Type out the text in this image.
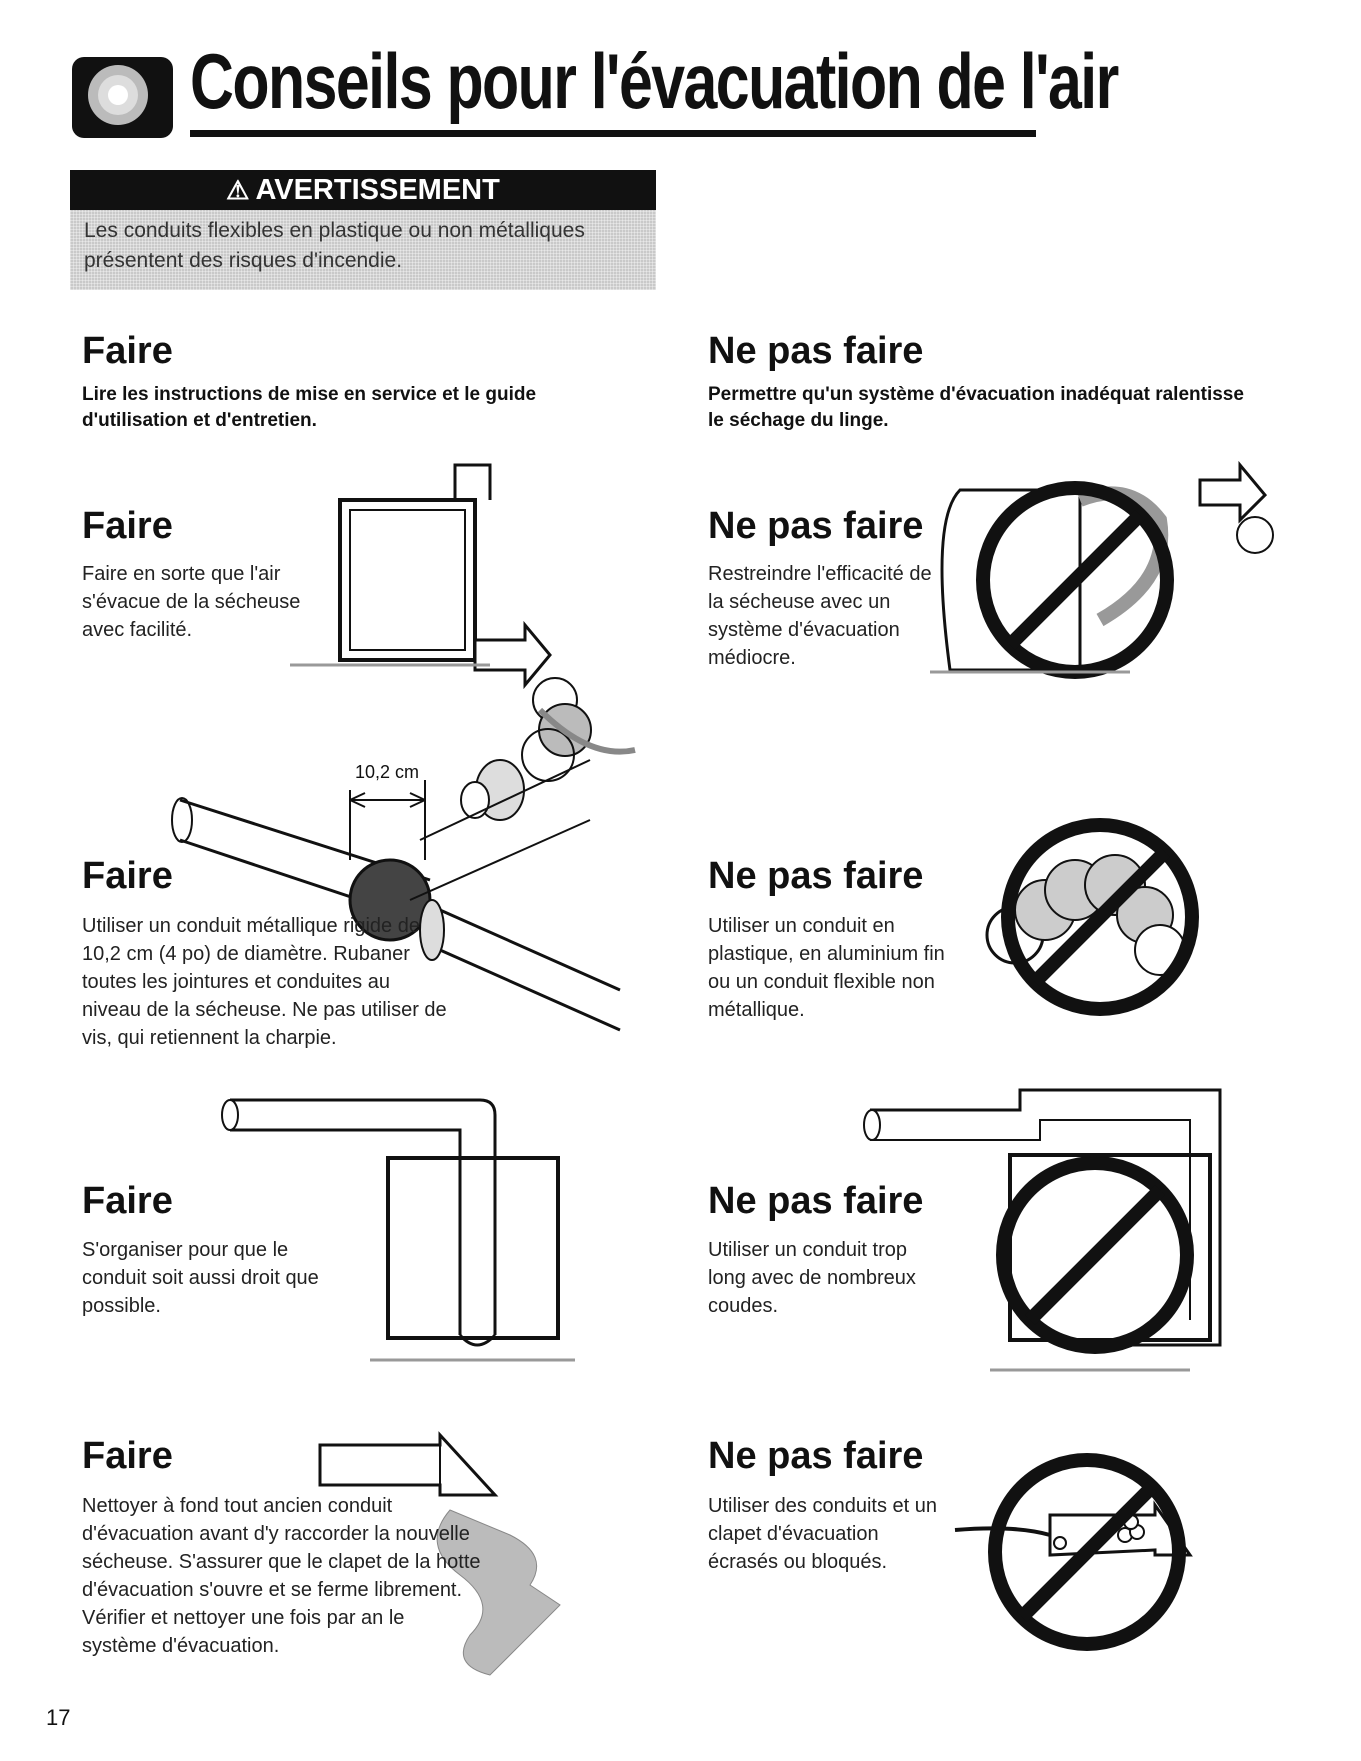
Conseils pour l'évacuation de l'air
⚠ AVERTISSEMENT
Les conduits flexibles en plastique ou non métalliques présentent des risques d'incendie.
Faire
Lire les instructions de mise en service et le guide d'utilisation et d'entretien.
Ne pas faire
Permettre qu'un système d'évacuation inadéquat ralentisse le séchage du linge.
Faire
Faire en sorte que l'air s'évacue de la sécheuse avec facilité.
Ne pas faire
Restreindre l'efficacité de la sécheuse avec un système d'évacuation médiocre.
10,2 cm
Faire
Utiliser un conduit métallique rigide de 10,2 cm (4 po) de diamètre. Rubaner toutes les jointures et conduites au niveau de la sécheuse. Ne pas utiliser de vis, qui retiennent la charpie.
Ne pas faire
Utiliser un conduit en plastique, en aluminium fin ou un conduit flexible non métallique.
Faire
S'organiser pour que le conduit soit aussi droit que possible.
Ne pas faire
Utiliser un conduit trop long avec de nombreux coudes.
Faire
Nettoyer à fond tout ancien conduit d'évacuation avant d'y raccorder la nouvelle sécheuse. S'assurer que le clapet de la hotte d'évacuation s'ouvre et se ferme librement. Vérifier et nettoyer une fois par an le système d'évacuation.
Ne pas faire
Utiliser des conduits et un clapet d'évacuation écrasés ou bloqués.
17
